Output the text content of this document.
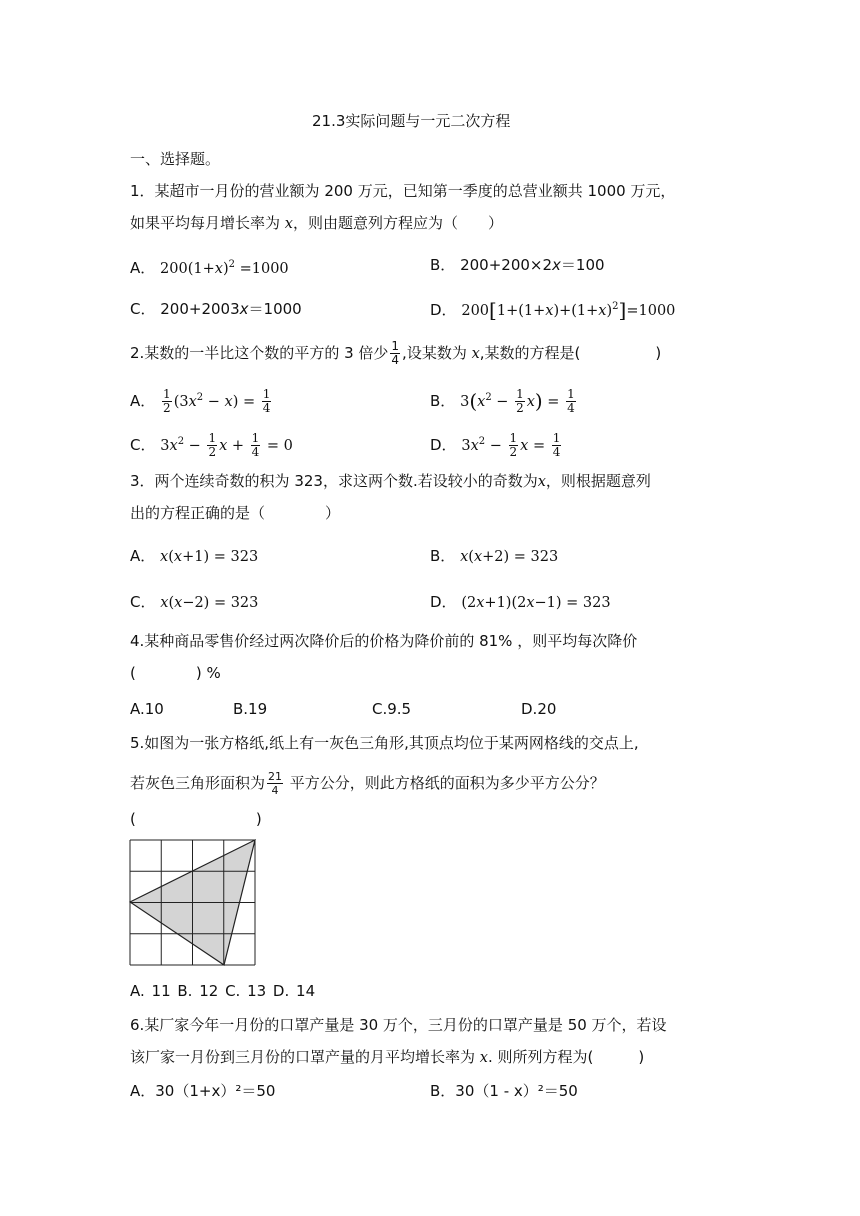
21.3实际问题与一元二次方程
一、选择题。
1．某超市一月份的营业额为 200 万元，已知第一季度的总营业额共 1000 万元，
如果平均每月增长率为 x，则由题意列方程应为（　　）
A． $200(1+x)^2 =1000$	B． 200+200×2x＝100
C． 200+2003x＝1000	D． $200[1+(1+x)+(1+x)^2]=1000$
2.某数的一半比这个数的平方的 3 倍少 $\frac{1}{4}$ ,设某数为 x,某数的方程是(　　　　　)
A． $\frac{1}{2} (3x^2 - x) = \frac{1}{4}$	B． $3(x^2 - \frac{1}{2} x) = \frac{1}{4}$
C． $3x^2 - \frac{1}{2}$ $x + \frac{1}{4} = 0$	D． $3x^2 - \frac{1}{2}$ $x = \frac{1}{4}$
3．两个连续奇数的积为 323，求这两个数.若设较小的奇数为x，则根据题意列
出的方程正确的是（　　　　）
A． x(x+1) = 323	B． x(x+2) = 323
C． x(x−2) = 323	D． (2x+1)(2x−1) = 323
4.某种商品零售价经过两次降价后的价格为降价前的 81% ，则平均每次降价
(　　　　) %
A.10	B.19	C.9.5	D.20
5.如图为一张方格纸,纸上有一灰色三角形,其顶点均位于某两网格线的交点上,
若灰色三角形面积为 $\frac{21}{4}$ 平方公分，则此方格纸的面积为多少平方公分？
(　　　　　　　　)
A. 11 B. 12 C. 13 D. 14
6.某厂家今年一月份的口罩产量是 30 万个，三月份的口罩产量是 50 万个，若设
该厂家一月份到三月份的口罩产量的月平均增长率为 x. 则所列方程为(　　　)
A．30（1+x）²＝50	B．30（1 - x）²＝50
